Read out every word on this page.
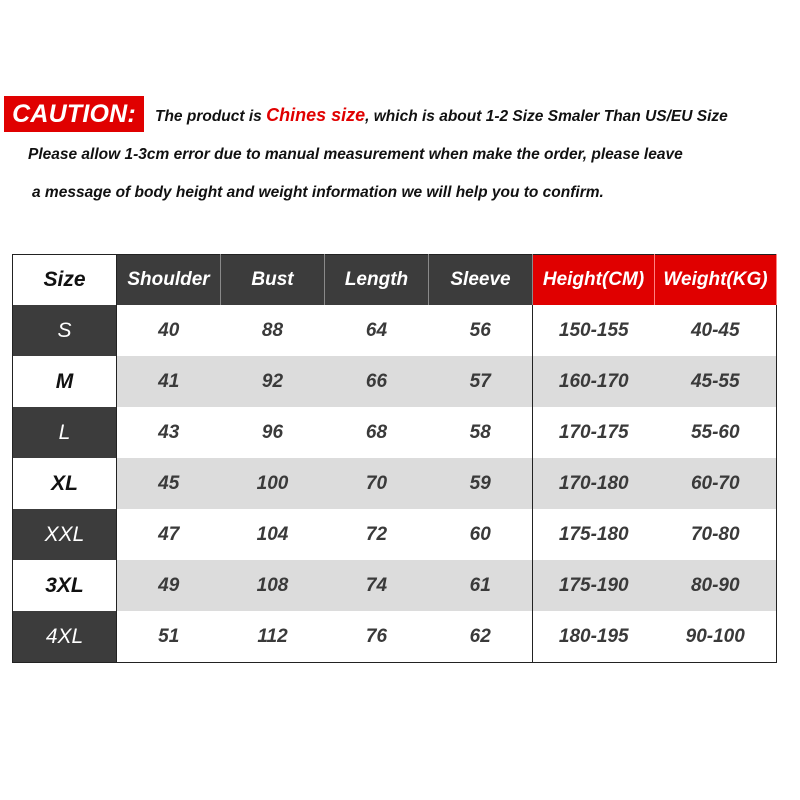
CAUTION:	The product is Chines size, which is about 1-2 Size Smaler Than US/EU Size
Please allow 1-3cm error due to manual measurement when make the order, please leave
a message of body height and weight information we will help you to confirm.
Size	Shoulder	Bust	Length	Sleeve	Height(CM)	Weight(KG)
S	40	88	64	56	150-155	40-45
M	41	92	66	57	160-170	45-55
L	43	96	68	58	170-175	55-60
XL	45	100	70	59	170-180	60-70
XXL	47	104	72	60	175-180	70-80
3XL	49	108	74	61	175-190	80-90
4XL	51	112	76	62	180-195	90-100
